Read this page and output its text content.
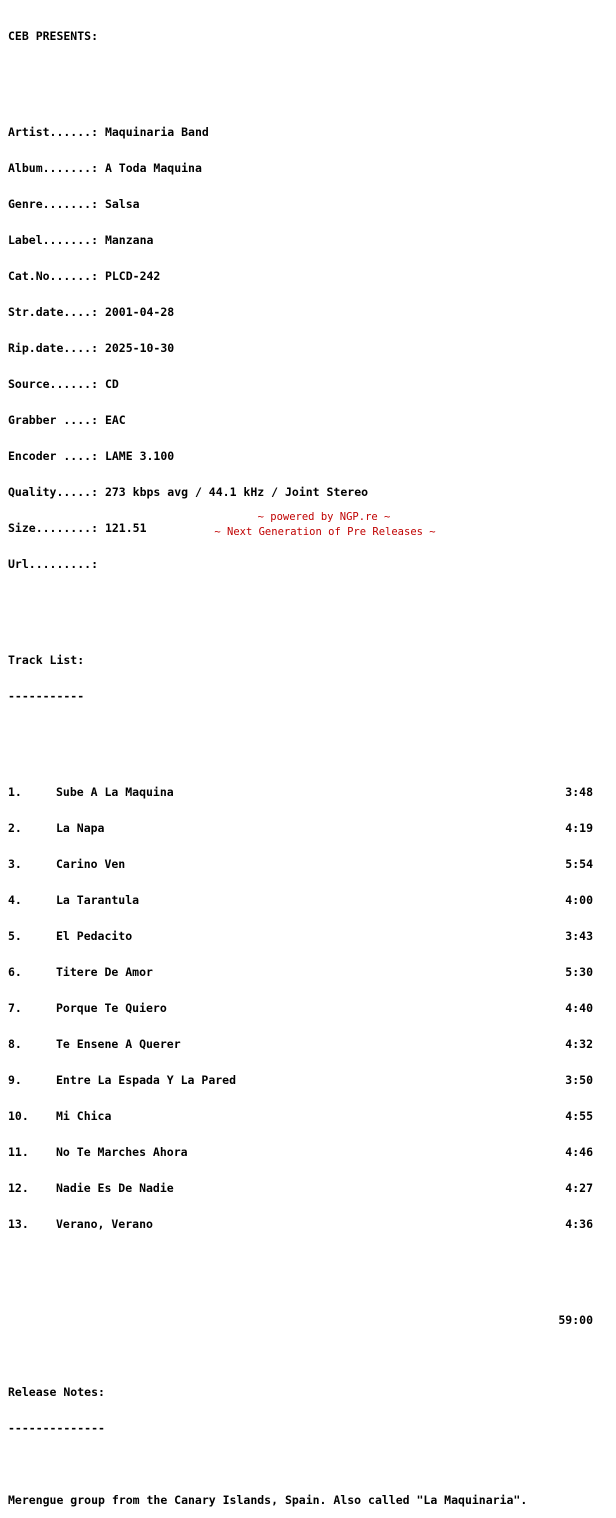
CEB PRESENTS:

Artist......:
Maquinaria Band

Album.......:
A Toda Maquina

Genre.......:
Salsa

Label.......:
Manzana

Cat.No......:
PLCD-242

Str.date....:
2001-04-28

Rip.date....:
2025-10-30

Source......:
CD

Grabber ....:
EAC

Encoder ....:
LAME 3.100

Quality.....:
273 kbps avg / 44.1 kHz / Joint Stereo

Size........:
121.51

Url.........:

Track List:

-----------

1.	Sube A La Maquina	3:48

2.	La Napa	4:19

3.	Carino Ven	5:54

4.	La Tarantula	4:00

5.	El Pedacito	3:43

6.	Titere De Amor	5:30

7.	Porque Te Quiero	4:40

8.	Te Ensene A Querer	4:32

9.	Entre La Espada Y La Pared	3:50

10.	Mi Chica	4:55

11.	No Te Marches Ahora	4:46

12.	Nadie Es De Nadie	4:27

13.	Verano, Verano	4:36

59:00

Release Notes:

--------------

Merengue group from the Canary Islands, Spain. Also called "La Maquinaria".

~ powered by NGP.re ~
~ Next Generation of Pre Releases ~
